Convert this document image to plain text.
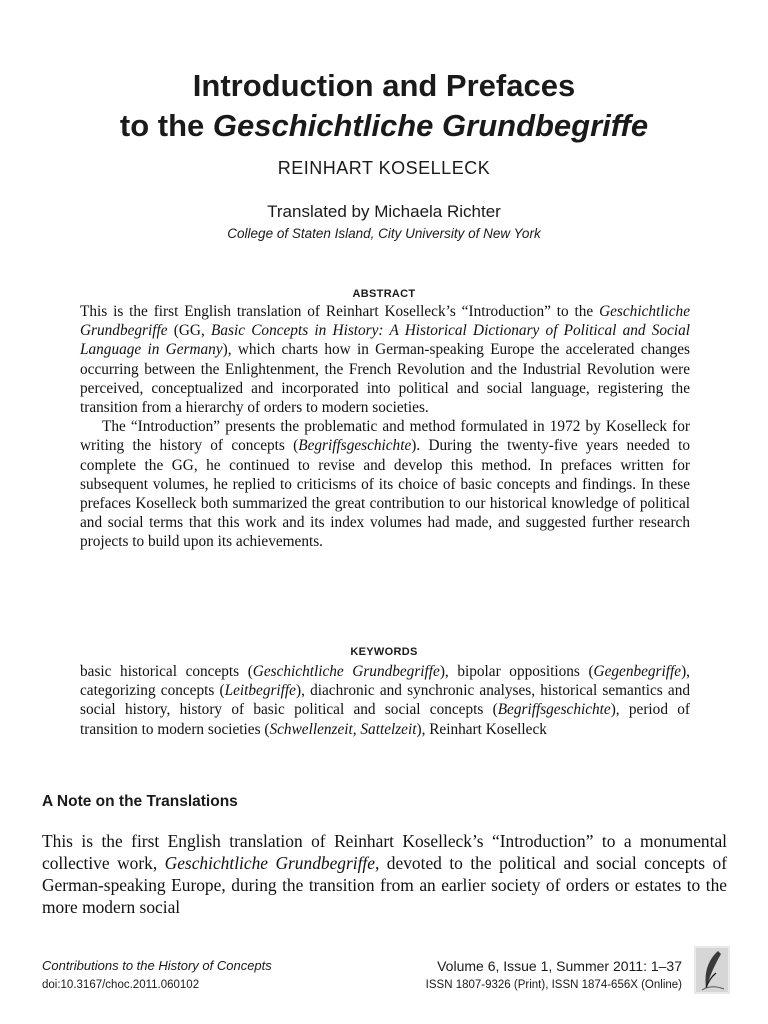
Introduction and Prefaces
to the Geschichtliche Grundbegriffe
REINHART KOSELLECK
Translated by Michaela Richter
College of Staten Island, City University of New York
ABSTRACT

This is the first English translation of Reinhart Koselleck’s “Introduction” to the Geschichtliche Grundbegriffe (GG, Basic Concepts in History: A Historical Dictionary of Political and Social Language in Germany), which charts how in German-speaking Europe the accelerated changes occurring between the Enlightenment, the French Revolution and the Industrial Revolution were perceived, conceptualized and incorporated into political and social language, registering the transition from a hierarchy of orders to modern societies.

The “Introduction” presents the problematic and method formulated in 1972 by Koselleck for writing the history of concepts (Begriffsgeschichte). During the twenty-five years needed to complete the GG, he continued to revise and develop this method. In prefaces written for subsequent volumes, he replied to criticisms of its choice of basic concepts and findings. In these prefaces Koselleck both summarized the great contribution to our historical knowledge of political and social terms that this work and its index volumes had made, and suggested further research projects to build upon its achievements.

KEYWORDS

basic historical concepts (Geschichtliche Grundbegriffe), bipolar oppositions (Gegenbegriffe), categorizing concepts (Leitbegriffe), diachronic and synchronic analyses, historical semantics and social history, history of basic political and social concepts (Begriffsgeschichte), period of transition to modern societies (Schwellenzeit, Sattelzeit), Reinhart Koselleck

A Note on the Translations

This is the first English translation of Reinhart Koselleck’s “Introduction” to a monumental collective work, Geschichtliche Grundbegriffe, devoted to the political and social concepts of German-speaking Europe, during the transition from an earlier society of orders or estates to the more modern social

Contributions to the History of Concepts	Volume 6, Issue 1, Summer 2011: 1–37
doi:10.3167/choc.2011.060102	ISSN 1807-9326 (Print), ISSN 1874-656X (Online)
